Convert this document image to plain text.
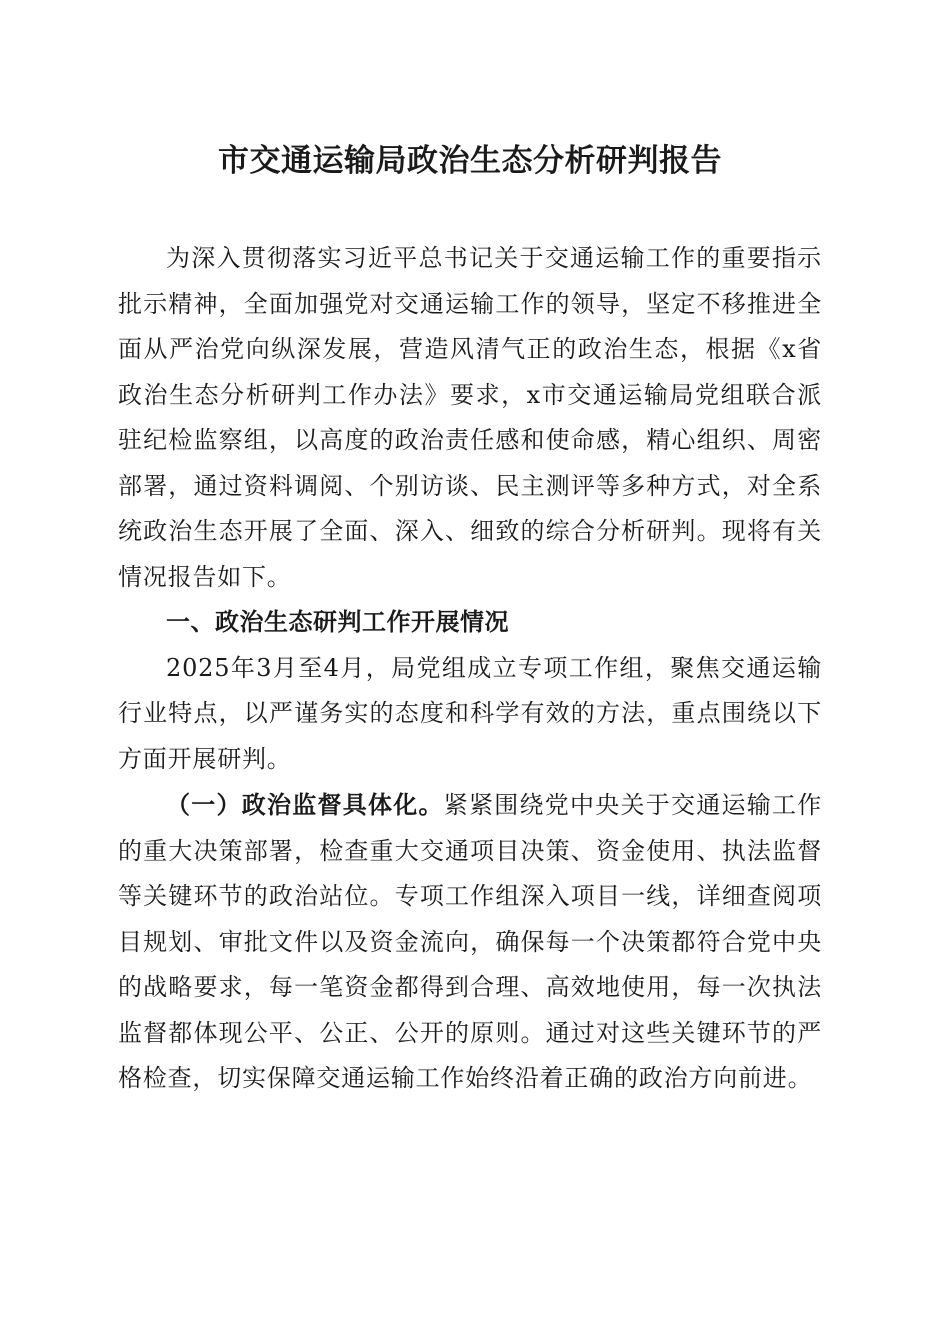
市交通运输局政治生态分析研判报告

为深入贯彻落实习近平总书记关于交通运输工作的重要指示批示精神，全面加强党对交通运输工作的领导，坚定不移推进全面从严治党向纵深发展，营造风清气正的政治生态，根据《x省政治生态分析研判工作办法》要求，x市交通运输局党组联合派驻纪检监察组，以高度的政治责任感和使命感，精心组织、周密部署，通过资料调阅、个别访谈、民主测评等多种方式，对全系统政治生态开展了全面、深入、细致的综合分析研判。现将有关情况报告如下。

一、政治生态研判工作开展情况

2025年3月至4月，局党组成立专项工作组，聚焦交通运输行业特点，以严谨务实的态度和科学有效的方法，重点围绕以下方面开展研判。

（一）政治监督具体化。紧紧围绕党中央关于交通运输工作的重大决策部署，检查重大交通项目决策、资金使用、执法监督等关键环节的政治站位。专项工作组深入项目一线，详细查阅项目规划、审批文件以及资金流向，确保每一个决策都符合党中央的战略要求，每一笔资金都得到合理、高效地使用，每一次执法监督都体现公平、公正、公开的原则。通过对这些关键环节的严格检查，切实保障交通运输工作始终沿着正确的政治方向前进。
